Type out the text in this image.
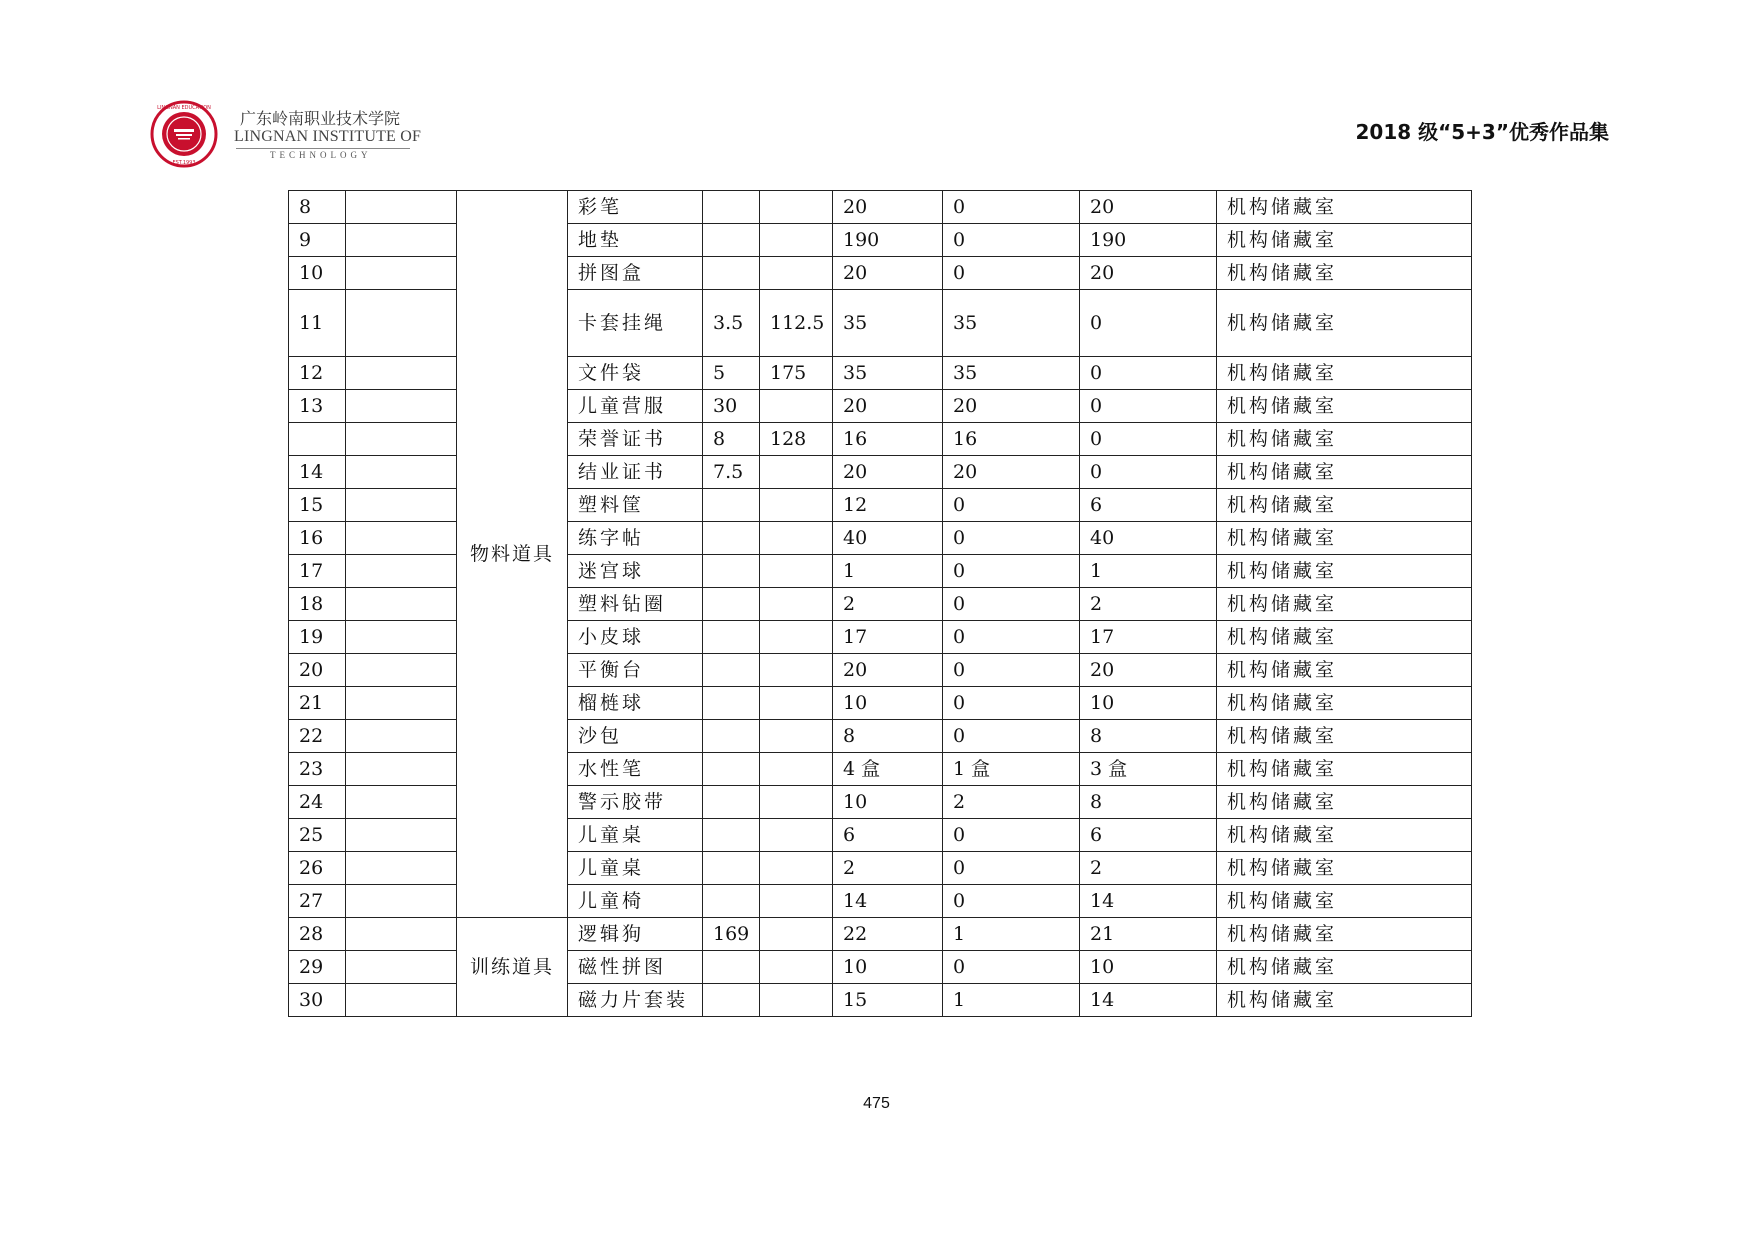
LINGNAN EDUCATION
EST.1993
广东岭南职业技术学院
LINGNAN INSTITUTE OF
TECHNOLOGY
2018 级“5+3”优秀作品集
8		物料道具	彩笔			20	0	20	机构储藏室
9			地垫			190	0	190	机构储藏室
10			拼图盒			20	0	20	机构储藏室
11			卡套挂绳	3.5	112.5	35	35	0	机构储藏室
12			文件袋	5	175	35	35	0	机构储藏室
13			儿童营服	30		20	20	0	机构储藏室
			荣誉证书	8	128	16	16	0	机构储藏室
14			结业证书	7.5		20	20	0	机构储藏室
15			塑料筐			12	0	6	机构储藏室
16			练字帖			40	0	40	机构储藏室
17			迷宫球			1	0	1	机构储藏室
18			塑料钻圈			2	0	2	机构储藏室
19			小皮球			17	0	17	机构储藏室
20			平衡台			20	0	20	机构储藏室
21			榴梿球			10	0	10	机构储藏室
22			沙包			8	0	8	机构储藏室
23			水性笔			4 盒	1 盒	3 盒	机构储藏室
24			警示胶带			10	2	8	机构储藏室
25			儿童桌			6	0	6	机构储藏室
26			儿童桌			2	0	2	机构储藏室
27			儿童椅			14	0	14	机构储藏室
28		训练道具	逻辑狗	169		22	1	21	机构储藏室
29			磁性拼图			10	0	10	机构储藏室
30			磁力片套装			15	1	14	机构储藏室
475
